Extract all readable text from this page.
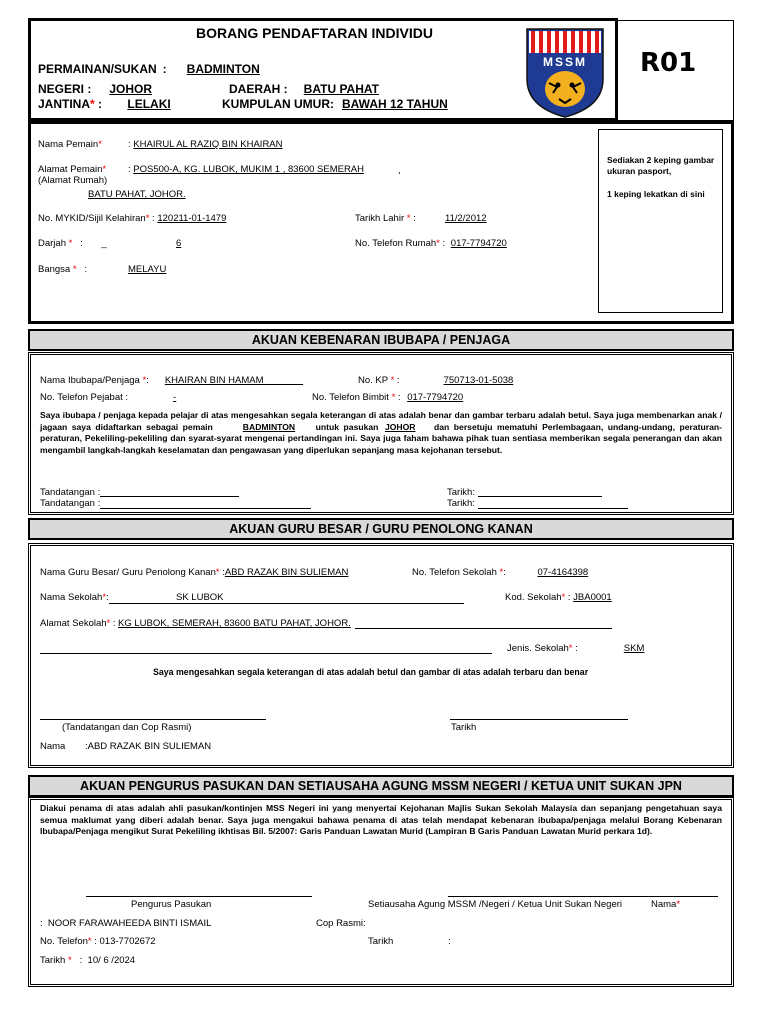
BORANG PENDAFTARAN INDIVIDU
R01
PERMAINAN/SUKAN : BADMINTON
NEGERI : JOHOR	DAERAH : BATU PAHAT
JANTINA* : LELAKI	KUMPULAN UMUR: BAWAH 12 TAHUN
MSSM
Nama Pemain*	: KHAIRUL AL RAZIQ BIN KHAIRAN
Alamat Pemain*
(Alamat Rumah)
: POS500-A, KG. LUBOK, MUKIM 1 , 83600 SEMERAH	,
BATU PAHAT, JOHOR.
No. MYKID/Sijil Kelahiran* : 120211-01-1479	Tarikh Lahir * :	11/2/2012
Darjah *   :       _	6	No. Telefon Rumah* : 017-7794720
Bangsa *   :	MELAYU
Sediakan 2 keping gambar ukuran pasport,
1 keping lekatkan di sini
AKUAN KEBENARAN IBUBAPA / PENJAGA
Nama Ibubapa/Penjaga *: KHAIRAN BIN HAMAM	No. KP * :	750713-01-5038
No. Telefon Pejabat :	-	No. Telefon Bimbit * : 017-7794720
Saya ibubapa / penjaga kepada pelajar di atas mengesahkan segala keterangan di atas adalah benar dan gambar terbaru adalah betul. Saya juga membenarkan anak / jagaan saya didaftarkan sebagai pemain	BADMINTON untuk pasukan JOHOR dan bersetuju mematuhi Perlembagaan, undang-undang, peraturan-peraturan, Pekeliling-pekeliling dan syarat-syarat mengenai pertandingan ini. Saya juga faham bahawa pihak tuan sentiasa memberikan segala penerangan dan akan mengambil langkah-langkah keselamatan dan pengawasan yang diperlukan sepanjang masa kejohanan tersebut.
Tandatangan :
Tandatangan :
Tarikh:
Tarikh:
AKUAN GURU BESAR / GURU PENOLONG KANAN
Nama Guru Besar/ Guru Penolong Kanan* :ABD RAZAK BIN SULIEMAN	No. Telefon Sekolah *:	07-4164398
Nama Sekolah*:	SK LUBOK	Kod. Sekolah* : JBA0001
Alamat Sekolah* : KG LUBOK, SEMERAH, 83600 BATU PAHAT, JOHOR.
Jenis. Sekolah* :	SKM
Saya mengesahkan segala keterangan di atas adalah betul dan gambar di atas adalah terbaru dan benar
(Tandatangan dan Cop Rasmi)	Tarikh
Nama :ABD RAZAK BIN SULIEMAN
AKUAN PENGURUS PASUKAN DAN SETIAUSAHA AGUNG MSSM NEGERI / KETUA UNIT SUKAN JPN
Diakui penama di atas adalah ahli pasukan/kontinjen MSS Negeri ini yang menyertai Kejohanan Majlis Sukan Sekolah Malaysia dan sepanjang pengetahuan saya semua maklumat yang diberi adalah benar. Saya juga mengakui bahawa penama di atas telah mendapat kebenaran ibubapa/penjaga melalui Borang Kebenaran Ibubapa/Penjaga mengikut Surat Pekeliling ikhtisas Bil. 5/2007: Garis Panduan Lawatan Murid (Lampiran B Garis Panduan Lawatan Murid perkara 1d).
Pengurus Pasukan	Setiausaha Agung MSSM /Negeri / Ketua Unit Sukan Negeri	Nama*
:  NOOR FARAWAHEEDA BINTI ISMAIL	Cop Rasmi:
No. Telefon* : 013-7702672	Tarikh	:
Tarikh *   :  10/ 6 /2024
